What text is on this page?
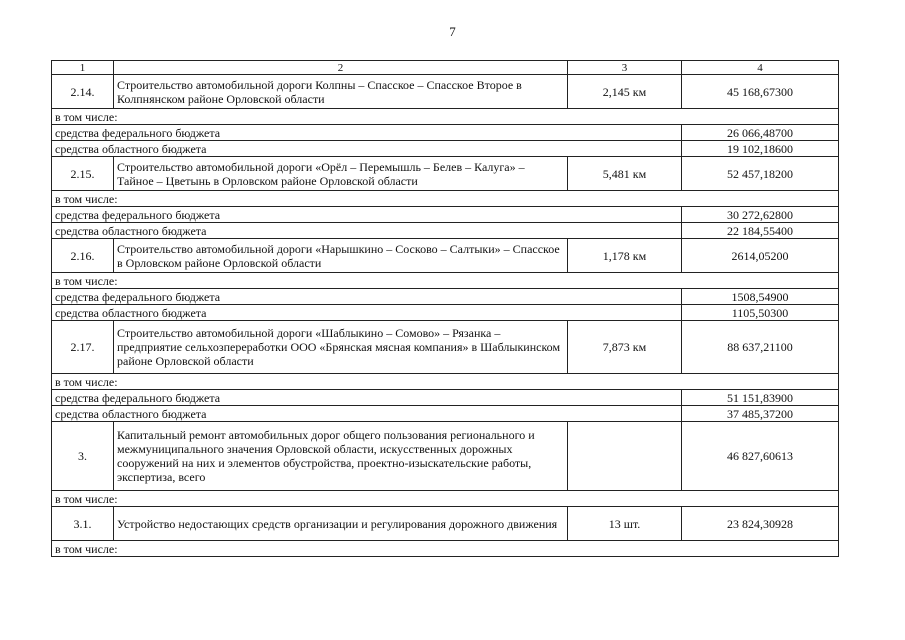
7
1	2	3	4
2.14.	Строительство автомобильной дороги Колпны – Спасское – Спасское Второе в Колпнянском районе Орловской области	2,145 км	45 168,67300
в том числе:			
средства федерального бюджета			26 066,48700
средства областного бюджета			19 102,18600
2.15.	Строительство автомобильной дороги «Орёл – Перемышль – Белев – Калуга» – Тайное – Цветынь в Орловском районе Орловской области	5,481 км	52 457,18200
в том числе:			
средства федерального бюджета			30 272,62800
средства областного бюджета			22 184,55400
2.16.	Строительство автомобильной дороги «Нарышкино – Сосково – Салтыки» – Спасское в Орловском районе Орловской области	1,178 км	2614,05200
в том числе:			
средства федерального бюджета			1508,54900
средства областного бюджета			1105,50300
2.17.	Строительство автомобильной дороги «Шаблыкино – Сомово» – Рязанка – предприятие сельхозпереработки ООО «Брянская мясная компания» в Шаблыкинском районе Орловской области	7,873 км	88 637,21100
в том числе:			
средства федерального бюджета			51 151,83900
средства областного бюджета			37 485,37200
3.	Капитальный ремонт автомобильных дорог общего пользования регионального и межмуниципального значения Орловской области, искусственных дорожных сооружений на них и элементов обустройства, проектно-изыскательские работы, экспертиза, всего		46 827,60613
в том числе:			
3.1.	Устройство недостающих средств организации и регулирования дорожного движения	13 шт.	23 824,30928
в том числе:			
